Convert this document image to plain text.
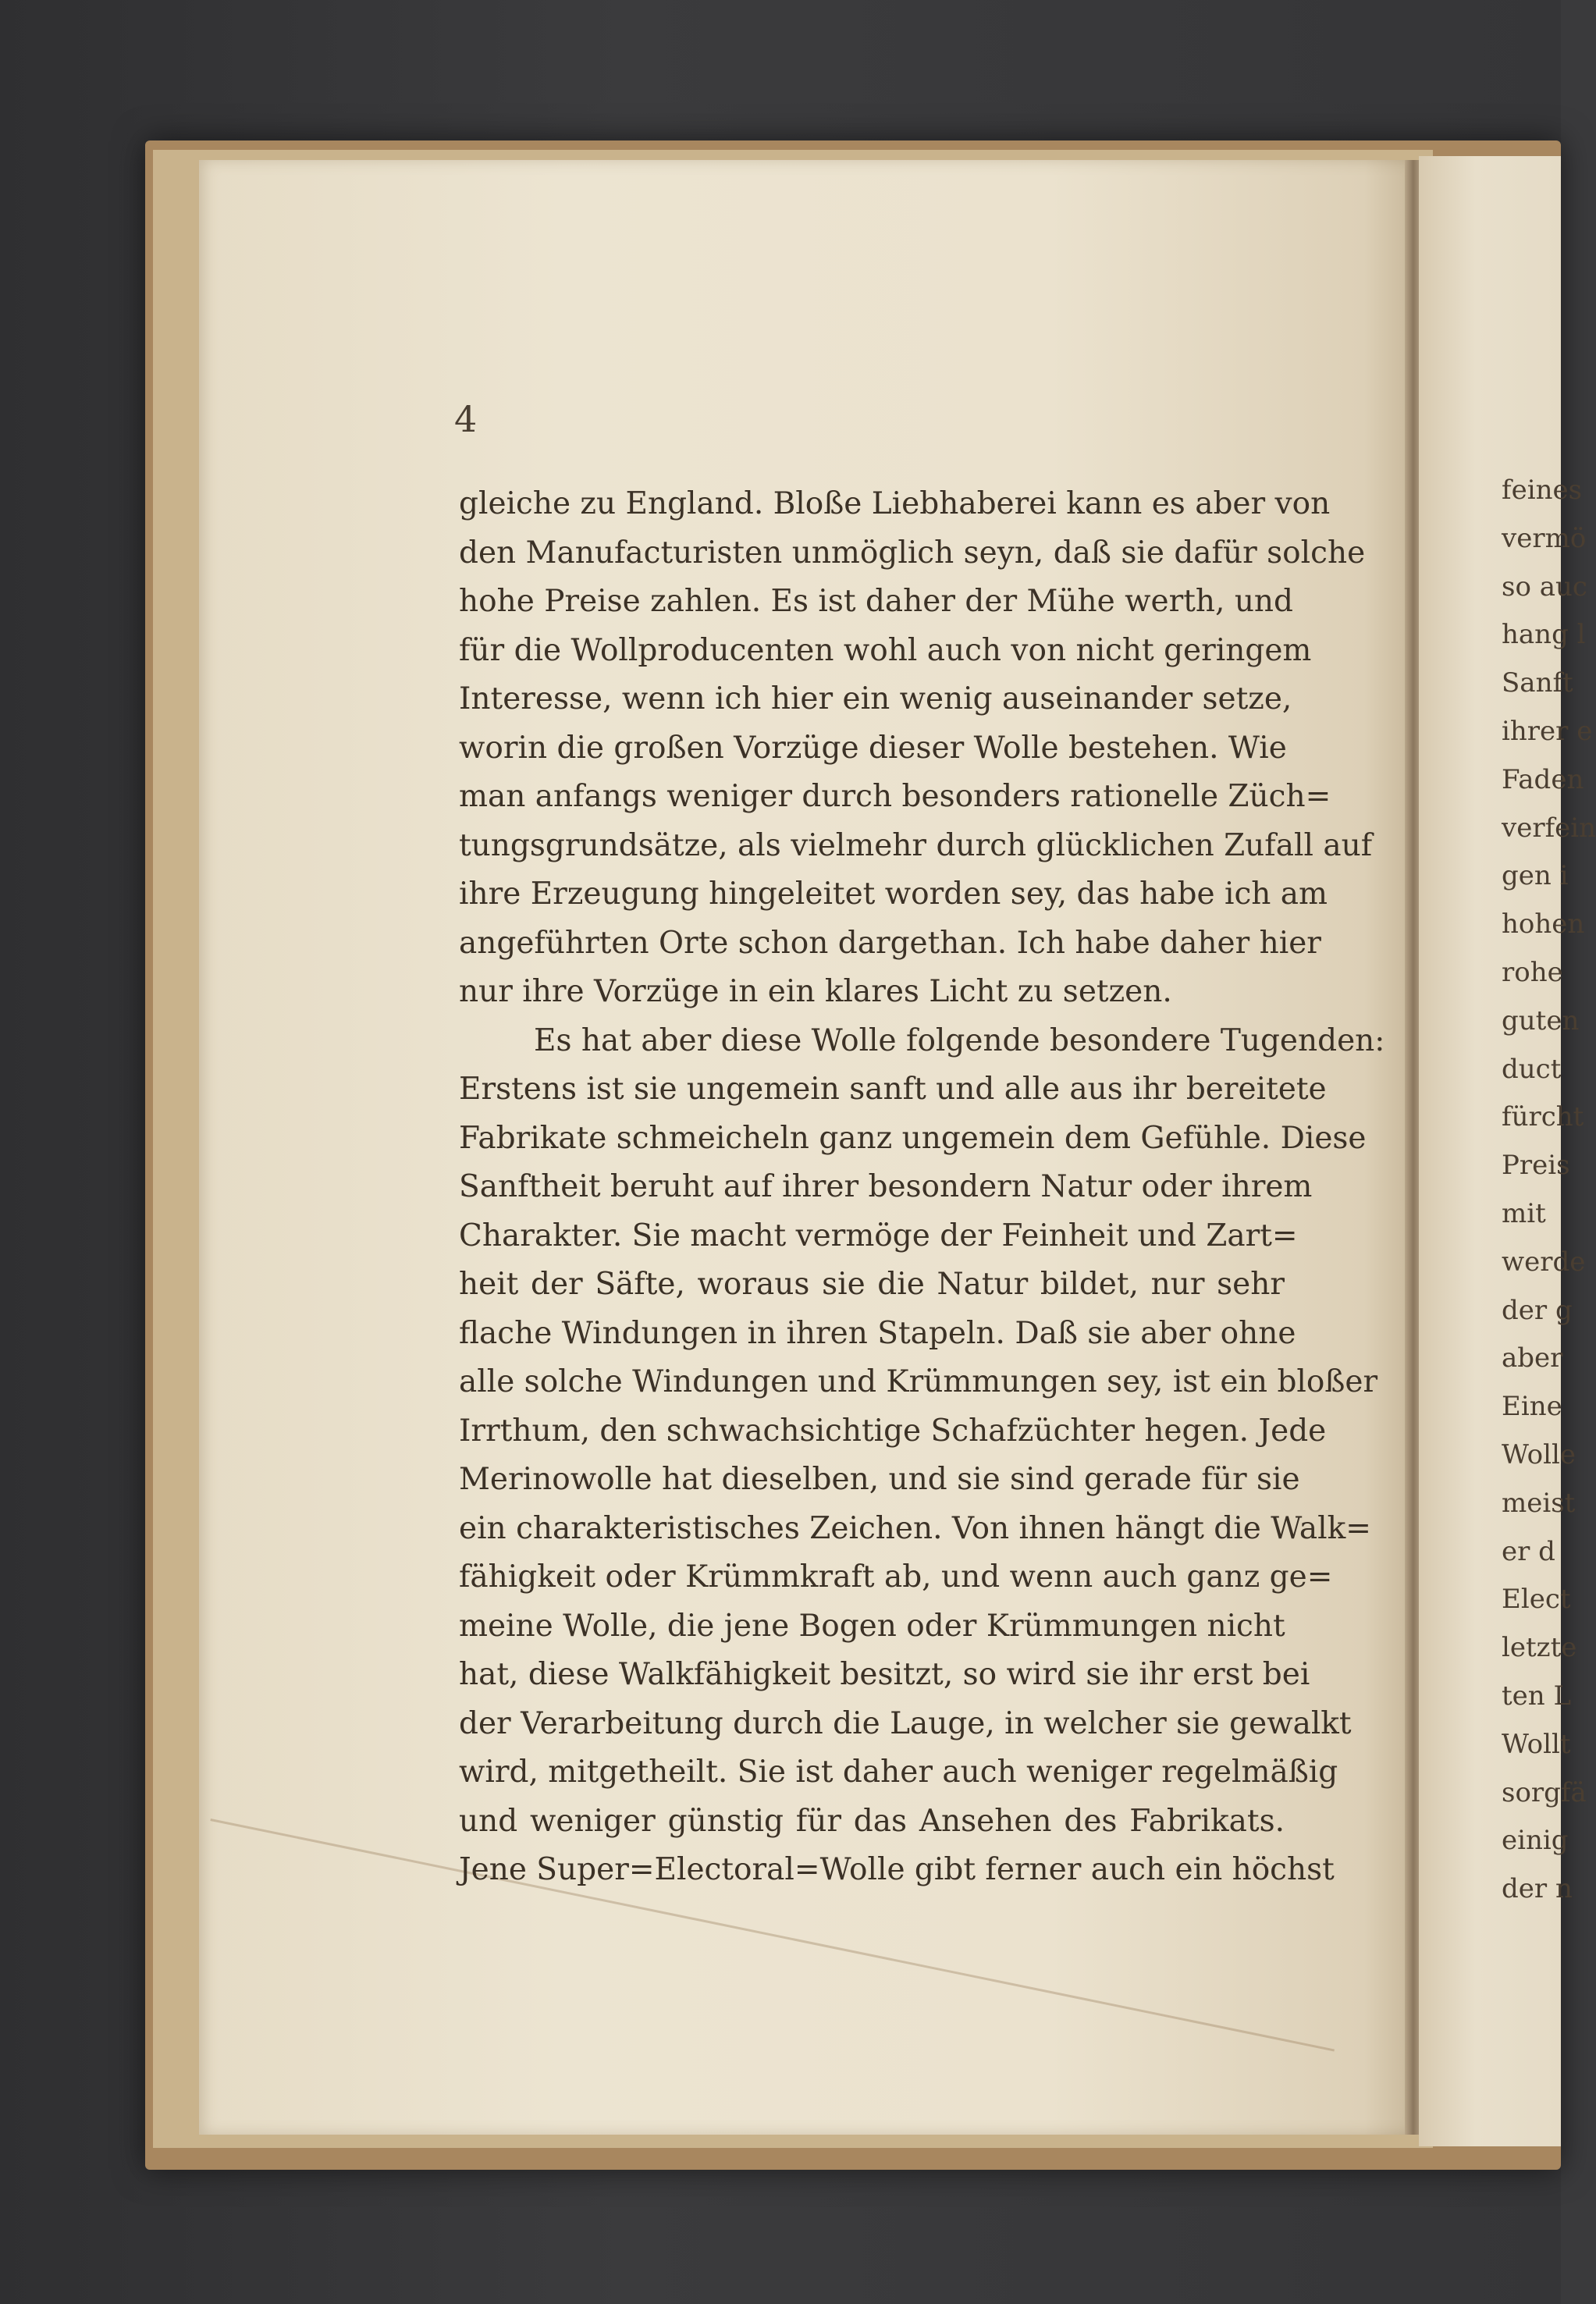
4

gleiche zu England. Bloße Liebhaberei kann es aber von
den Manufacturisten unmöglich seyn, daß sie dafür solche
hohe Preise zahlen. Es ist daher der Mühe werth, und
für die Wollproducenten wohl auch von nicht geringem
Interesse, wenn ich hier ein wenig auseinander setze,
worin die großen Vorzüge dieser Wolle bestehen. Wie
man anfangs weniger durch besonders rationelle Züch=
tungsgrundsätze, als vielmehr durch glücklichen Zufall auf
ihre Erzeugung hingeleitet worden sey, das habe ich am
angeführten Orte schon dargethan. Ich habe daher hier
nur ihre Vorzüge in ein klares Licht zu setzen.

Es hat aber diese Wolle folgende besondere Tugenden:
Erstens ist sie ungemein sanft und alle aus ihr bereitete
Fabrikate schmeicheln ganz ungemein dem Gefühle. Diese
Sanftheit beruht auf ihrer besondern Natur oder ihrem
Charakter. Sie macht vermöge der Feinheit und Zart=
heit der Säfte, woraus sie die Natur bildet, nur sehr
flache Windungen in ihren Stapeln. Daß sie aber ohne
alle solche Windungen und Krümmungen sey, ist ein bloßer
Irrthum, den schwachsichtige Schafzüchter hegen. Jede
Merinowolle hat dieselben, und sie sind gerade für sie
ein charakteristisches Zeichen. Von ihnen hängt die Walk=
fähigkeit oder Krümmkraft ab, und wenn auch ganz ge=
meine Wolle, die jene Bogen oder Krümmungen nicht
hat, diese Walkfähigkeit besitzt, so wird sie ihr erst bei
der Verarbeitung durch die Lauge, in welcher sie gewalkt
wird, mitgetheilt. Sie ist daher auch weniger regelmäßig
und weniger günstig für das Ansehen des Fabrikats.
Jene Super=Electoral=Wolle gibt ferner auch ein höchst

feines
vermö
so auc
hang l
Sanft
ihrer e
Faden
verfein
gen i
hohen
rohe
guten
duct
fürcht
Preis
mit
werde
der g
aber
Eine
Wolle
meist
er d
Elect
letzte
ten L
Wollt
sorgfä
einig
der n
